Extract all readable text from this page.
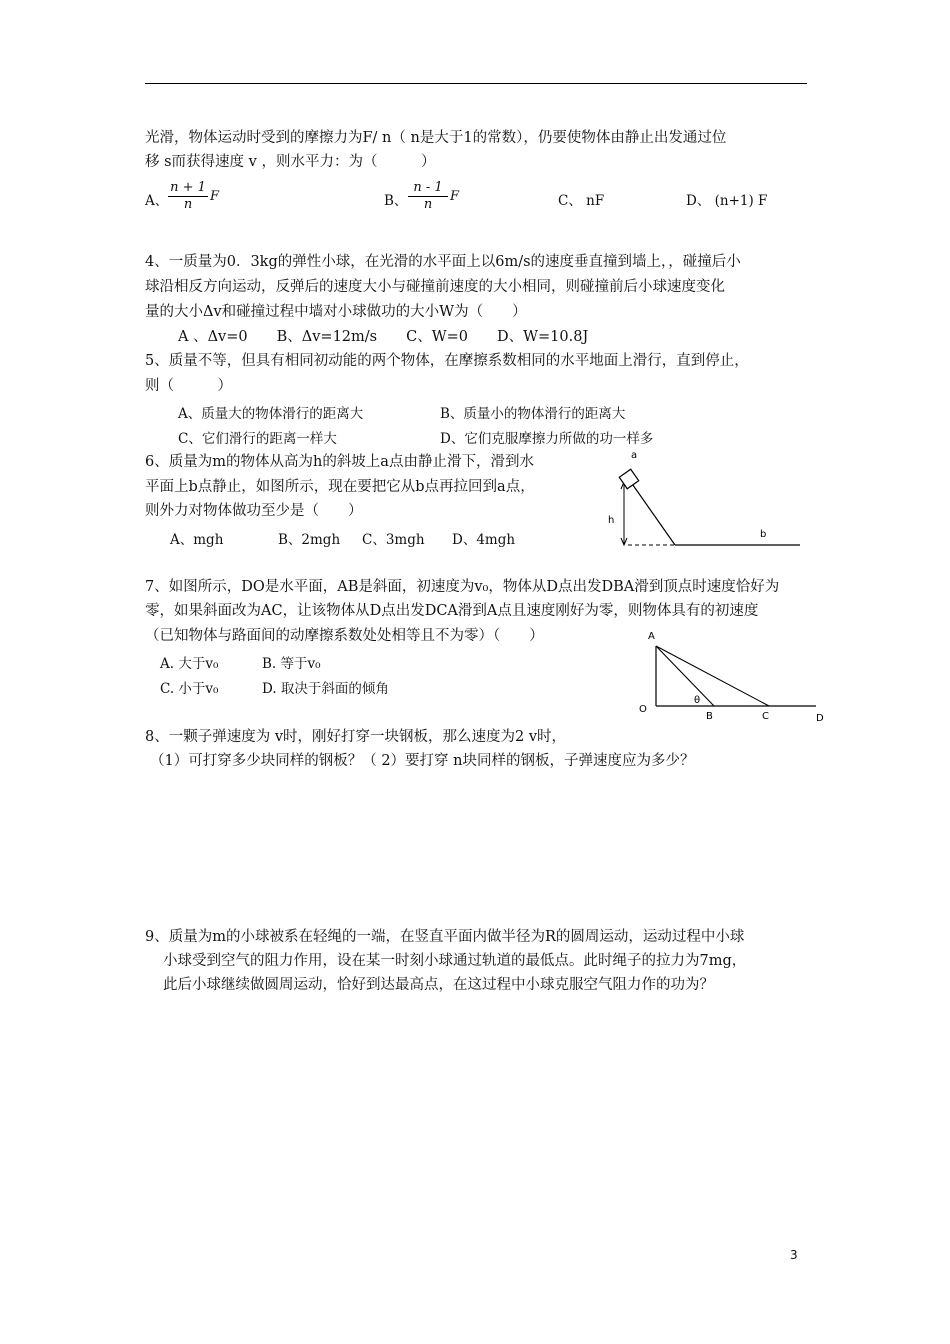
光滑，物体运动时受到的摩擦力为F/ n（ n是大于1的常数），仍要使物体由静止出发通过位
移 s而获得速度 v ，则水平力：为（　　　）
A、 $\frac{n + 1}{n}$ F	B、 $\frac{n - 1}{n}$ F	C、 nF	D、 (n+1) F
4、一质量为0．3kg的弹性小球，在光滑的水平面上以6m/s的速度垂直撞到墙上，，碰撞后小
球沿相反方向运动，反弹后的速度大小与碰撞前速度的大小相同，则碰撞前后小球速度变化
量的大小Δv和碰撞过程中墙对小球做功的大小W为（　　）
A 、Δv=0　　B、Δv=12m/s　　C、W=0　　D、W=10.8J
5、质量不等，但具有相同初动能的两个物体，在摩擦系数相同的水平地面上滑行，直到停止，
则（　　　）
A、质量大的物体滑行的距离大	B、质量小的物体滑行的距离大
C、它们滑行的距离一样大	D、它们克服摩擦力所做的功一样多
6、质量为m的物体从高为h的斜坡上a点由静止滑下，滑到水
平面上b点静止，如图所示，现在要把它从b点再拉回到a点，
则外力对物体做功至少是（　　）
A、mgh	B、2mgh C、3mgh D、4mgh
a
h
b
7、如图所示，DO是水平面，AB是斜面，初速度为v₀，物体从D点出发DBA滑到顶点时速度恰好为
零，如果斜面改为AC，让该物体从D点出发DCA滑到A点且速度刚好为零，则物体具有的初速度
（已知物体与路面间的动摩擦系数处处相等且不为零）（　　）
A. 大于v₀	B. 等于v₀
C. 小于v₀	D. 取决于斜面的倾角
A
O
B	C	D
θ
8、一颗子弹速度为 v时，刚好打穿一块钢板，那么速度为2 v时，
（1）可打穿多少块同样的钢板？（ 2）要打穿 n块同样的钢板，子弹速度应为多少？
9、质量为m的小球被系在轻绳的一端，在竖直平面内做半径为R的圆周运动，运动过程中小球
小球受到空气的阻力作用，设在某一时刻小球通过轨道的最低点。此时绳子的拉力为7mg，
此后小球继续做圆周运动，恰好到达最高点，在这过程中小球克服空气阻力作的功为？
3
